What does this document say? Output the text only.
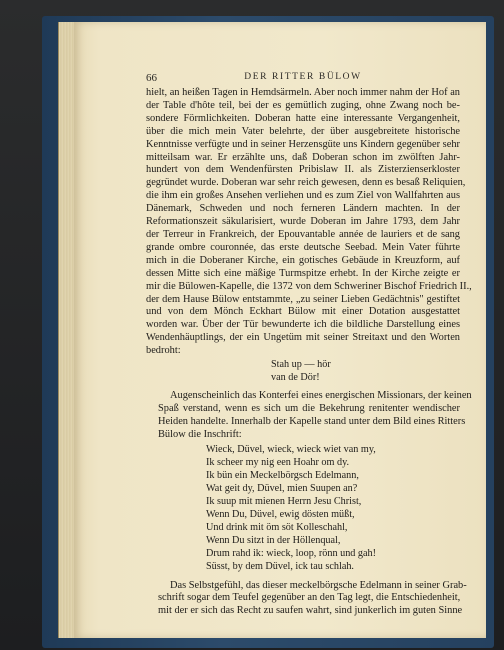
66	DER RITTER BÜLOW
hielt, an heißen Tagen in Hemdsärmeln. Aber noch immer nahm der Hof an
der Table d'hôte teil, bei der es gemütlich zuging, ohne Zwang noch be-
sondere Förmlichkeiten. Doberan hatte eine interessante Vergangenheit,
über die mich mein Vater belehrte, der über ausgebreitete historische
Kenntnisse verfügte und in seiner Herzensgüte uns Kindern gegenüber sehr
mitteilsam war. Er erzählte uns, daß Doberan schon im zwölften Jahr-
hundert von dem Wendenfürsten Pribislaw II. als Zisterzienserkloster
gegründet wurde. Doberan war sehr reich gewesen, denn es besaß Reliquien,
die ihm ein großes Ansehen verliehen und es zum Ziel von Wallfahrten aus
Dänemark, Schweden und noch ferneren Ländern machten. In der
Reformationszeit säkularisiert, wurde Doberan im Jahre 1793, dem Jahr
der Terreur in Frankreich, der Epouvantable année de lauriers et de sang
grande ombre couronnée, das erste deutsche Seebad. Mein Vater führte
mich in die Doberaner Kirche, ein gotisches Gebäude in Kreuzform, auf
dessen Mitte sich eine mäßige Turmspitze erhebt. In der Kirche zeigte er
mir die Bülowen-Kapelle, die 1372 von dem Schweriner Bischof Friedrich II.,
der dem Hause Bülow entstammte, „zu seiner Lieben Gedächtnis" gestiftet
und von dem Mönch Eckhart Bülow mit einer Dotation ausgestattet
worden war. Über der Tür bewunderte ich die bildliche Darstellung eines
Wendenhäuptlings, der ein Ungetüm mit seiner Streitaxt und den Worten
bedroht:
Stah up — hör
van de Dör!
Augenscheinlich das Konterfei eines energischen Missionars, der keinen
Spaß verstand, wenn es sich um die Bekehrung renitenter wendischer
Heiden handelte. Innerhalb der Kapelle stand unter dem Bild eines Ritters
Bülow die Inschrift:
Wieck, Düvel, wieck, wieck wiet van my,
Ik scheer my nig een Hoahr om dy.
Ik bün ein Meckelbörgsch Edelmann,
Wat geit dy, Düvel, mien Suupen an?
Ik suup mit mienen Herrn Jesu Christ,
Wenn Du, Düvel, ewig dösten müßt,
Und drink mit öm söt Kolleschahl,
Wenn Du sitzt in der Höllenqual,
Drum rahd ik: wieck, loop, rönn und gah!
Süsst, by dem Düvel, ick tau schlah.
Das Selbstgefühl, das dieser meckelbörgsche Edelmann in seiner Grab-
schrift sogar dem Teufel gegenüber an den Tag legt, die Entschiedenheit,
mit der er sich das Recht zu saufen wahrt, sind junkerlich im guten Sinne
